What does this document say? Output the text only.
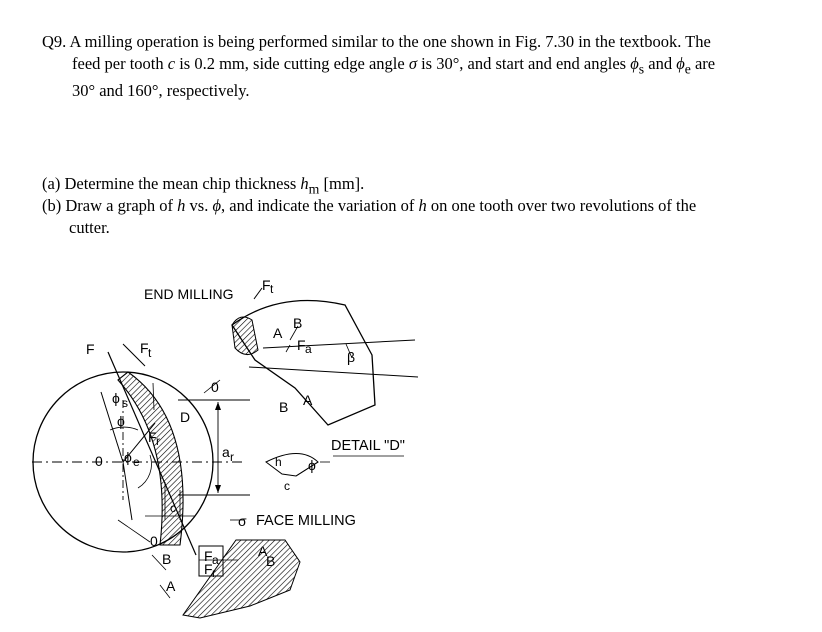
Q9. A milling operation is being performed similar to the one shown in Fig. 7.30 in the textbook. The
feed per tooth c is 0.2 mm, side cutting edge angle σ is 30°, and start and end angles $\phi_s$ and $\phi_e$ are
30° and 160°, respectively.

(a) Determine the mean chip thickness $h_m$ [mm].

(b) Draw a graph of h vs. ϕ, and indicate the variation of h on one tooth over two revolutions of the
cutter.

END MILLING
F	F t
0
D
0
F r
ϕ s
ϕ
ϕ e
a r
c
0
B
A
F a
F
σ
A
B
F t
A
B
F a	β
B A
h ϕ
c
DETAIL "D"
FACE MILLING
